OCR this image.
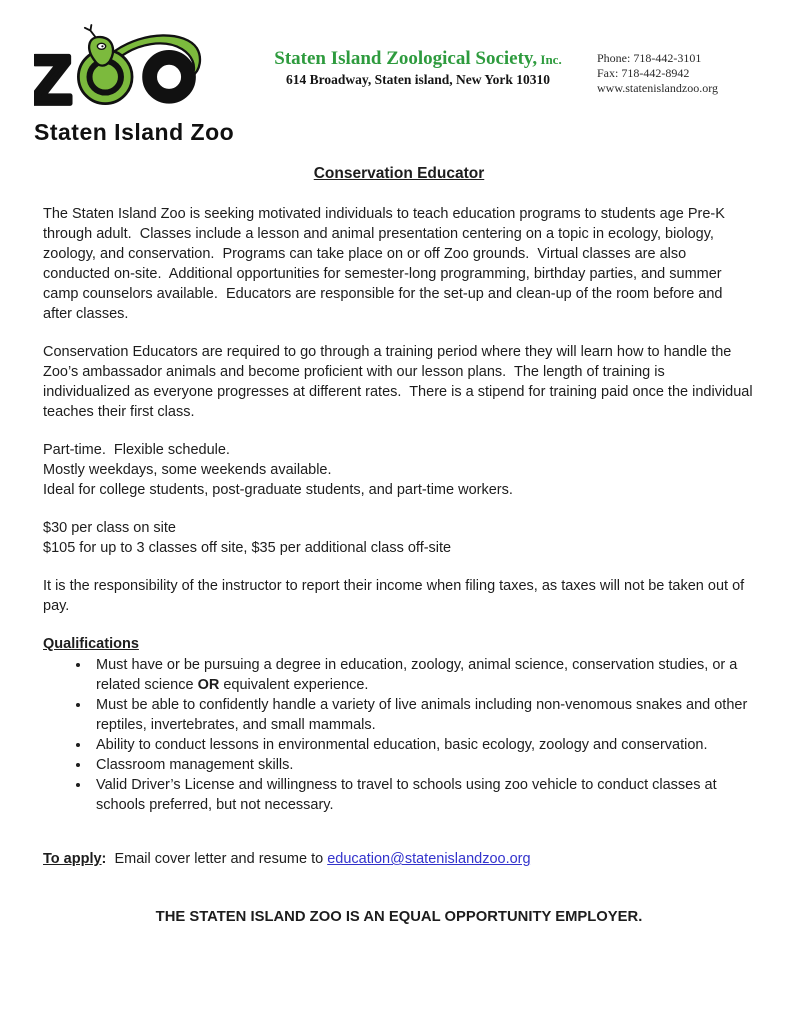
Z
Staten Island Zoo
Staten Island Zoological Society, Inc.
614 Broadway, Staten island, New York 10310
Phone: 718-442-3101
Fax: 718-442-8942
www.statenislandzoo.org
Conservation Educator

The Staten Island Zoo is seeking motivated individuals to teach education programs to students age Pre-K through adult.  Classes include a lesson and animal presentation centering on a topic in ecology, biology, zoology, and conservation.  Programs can take place on or off Zoo grounds.  Virtual classes are also conducted on-site.  Additional opportunities for semester-long programming, birthday parties, and summer camp counselors available.  Educators are responsible for the set-up and clean-up of the room before and after classes.

Conservation Educators are required to go through a training period where they will learn how to handle the Zoo’s ambassador animals and become proficient with our lesson plans.  The length of training is individualized as everyone progresses at different rates.  There is a stipend for training paid once the individual teaches their first class.

Part-time.  Flexible schedule.
Mostly weekdays, some weekends available.
Ideal for college students, post-graduate students, and part-time workers.
$30 per class on site
$105 for up to 3 classes off site, $35 per additional class off-site

It is the responsibility of the instructor to report their income when filing taxes, as taxes will not be taken out of pay.

Qualifications
• Must have or be pursuing a degree in education, zoology, animal science, conservation studies, or a related science OR equivalent experience.
• Must be able to confidently handle a variety of live animals including non-venomous snakes and other reptiles, invertebrates, and small mammals.
• Ability to conduct lessons in environmental education, basic ecology, zoology and conservation.
• Classroom management skills.
• Valid Driver’s License and willingness to travel to schools using zoo vehicle to conduct classes at schools preferred, but not necessary.

To apply:  Email cover letter and resume to education@statenislandzoo.org

THE STATEN ISLAND ZOO IS AN EQUAL OPPORTUNITY EMPLOYER.
